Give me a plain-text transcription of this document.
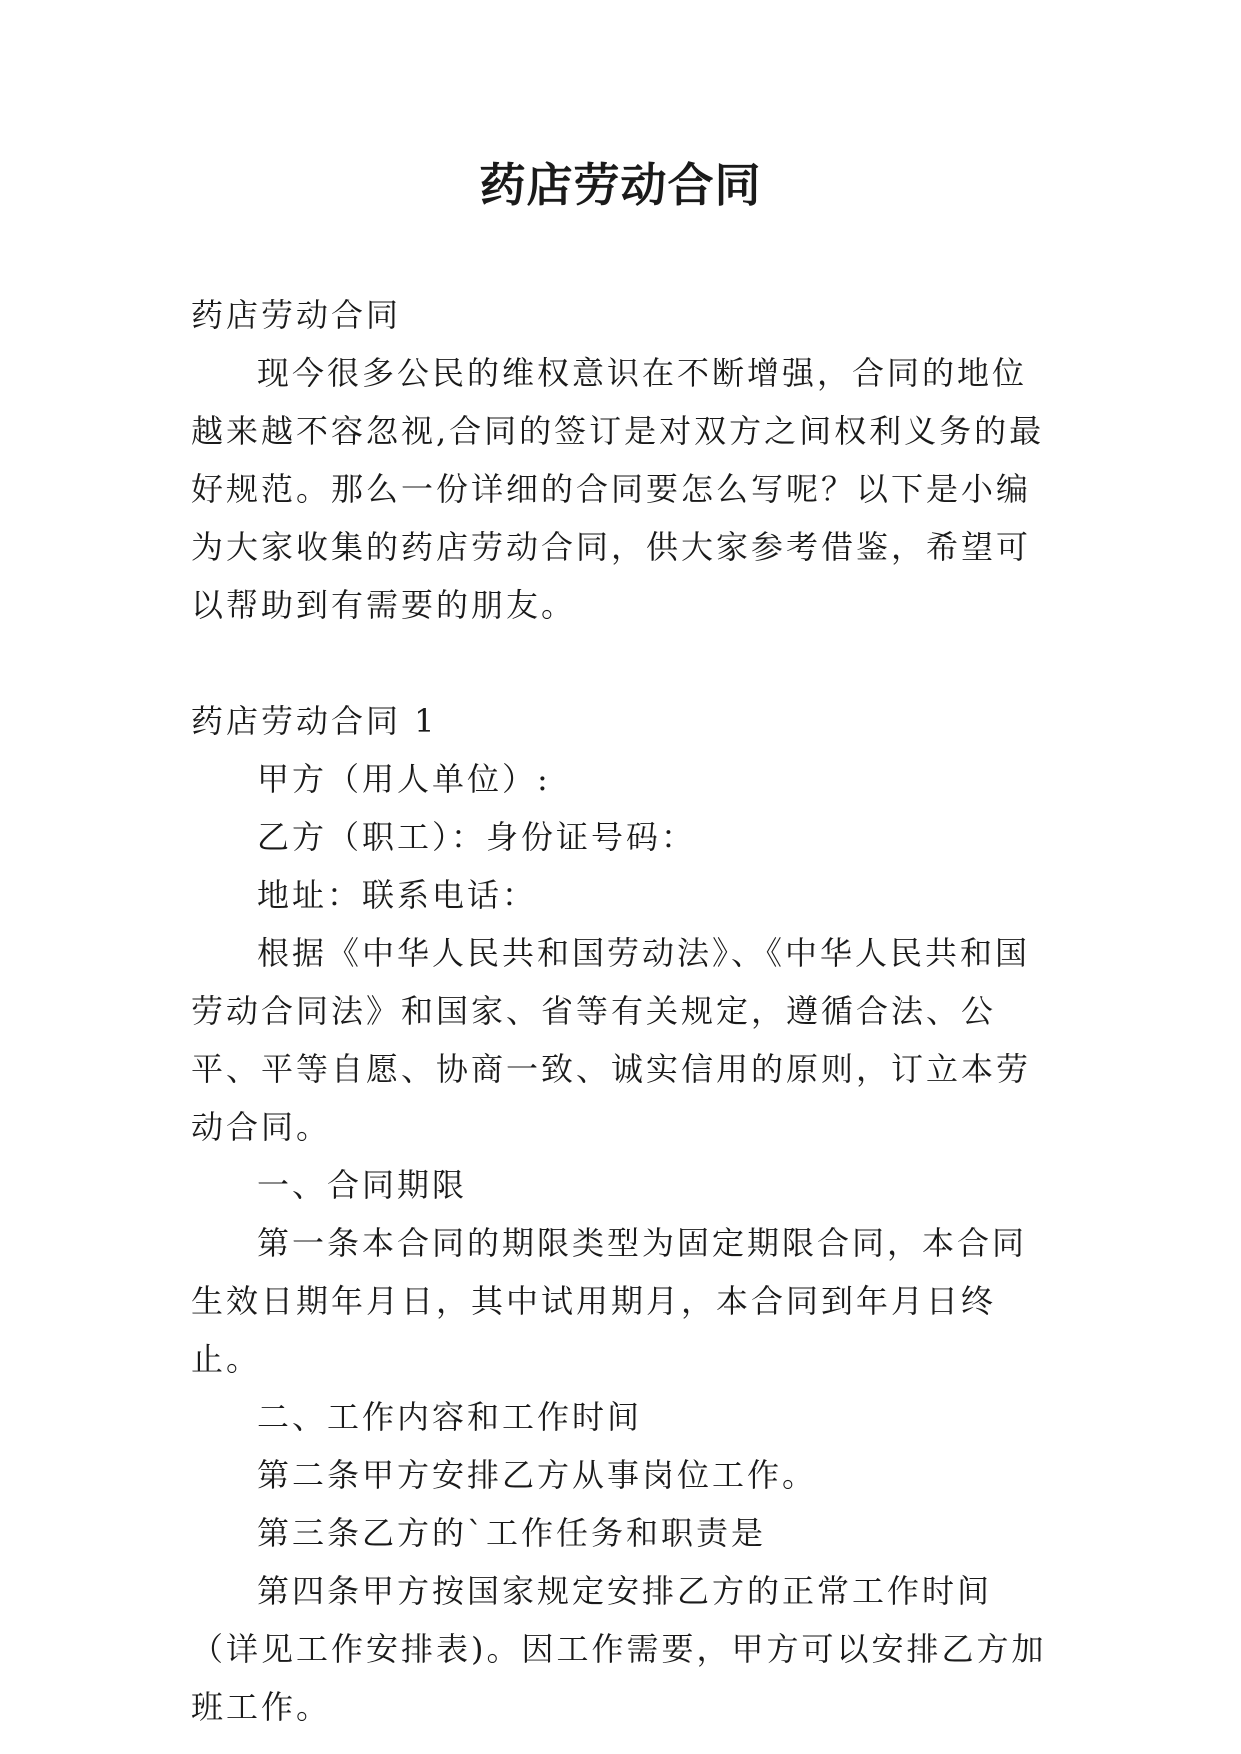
药店劳动合同

药店劳动合同

现今很多公民的维权意识在不断增强，合同的地位越来越不容忽视,合同的签订是对双方之间权利义务的最好规范。那么一份详细的合同要怎么写呢？以下是小编为大家收集的药店劳动合同，供大家参考借鉴，希望可以帮助到有需要的朋友。

药店劳动合同 1

甲方（用人单位）:

乙方（职工）：身份证号码：

地址：联系电话：

根据《中华人民共和国劳动法》、《中华人民共和国劳动合同法》和国家、省等有关规定，遵循合法、公平、平等自愿、协商一致、诚实信用的原则，订立本劳动合同。

一、合同期限

第一条本合同的期限类型为固定期限合同，本合同生效日期年月日，其中试用期月，本合同到年月日终止。

二、工作内容和工作时间

第二条甲方安排乙方从事岗位工作。

第三条乙方的`工作任务和职责是

第四条甲方按国家规定安排乙方的正常工作时间（详见工作安排表)。因工作需要，甲方可以安排乙方加班工作。
